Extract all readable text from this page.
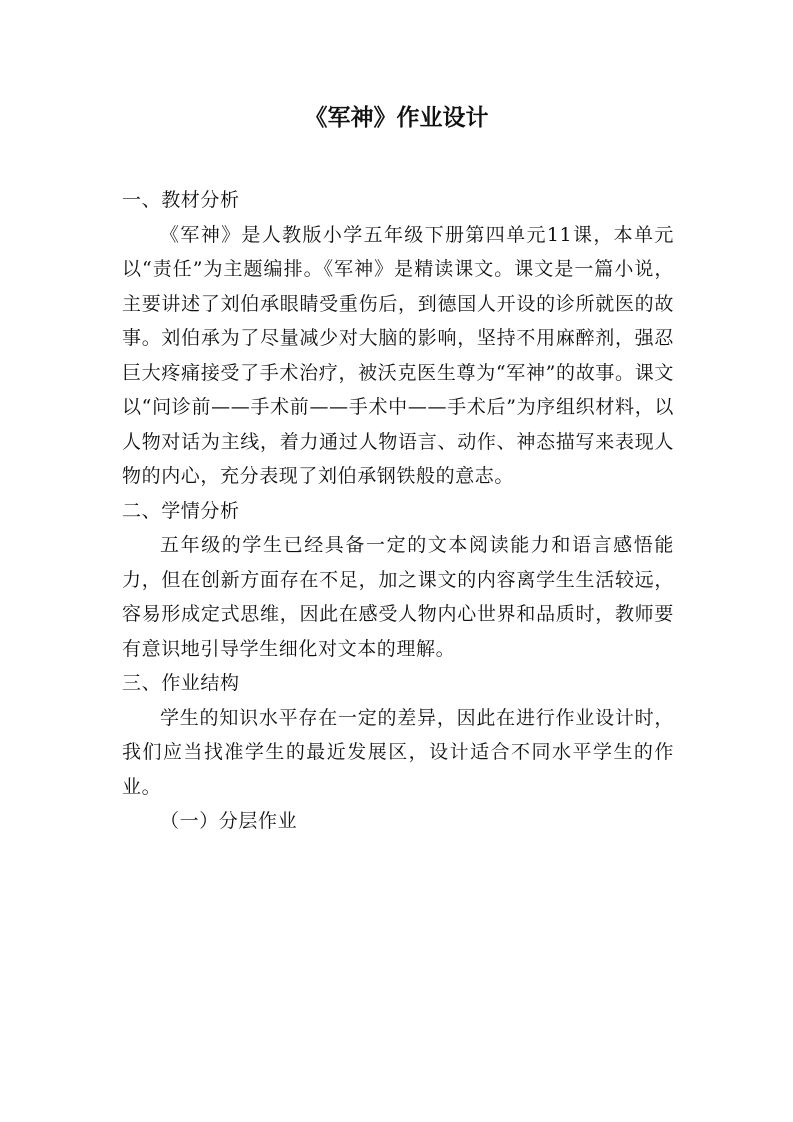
《军神》作业设计

一、教材分析

《军神》是人教版小学五年级下册第四单元11课，本单元以“责任”为主题编排。《军神》是精读课文。课文是一篇小说，主要讲述了刘伯承眼睛受重伤后，到德国人开设的诊所就医的故事。刘伯承为了尽量减少对大脑的影响，坚持不用麻醉剂，强忍巨大疼痛接受了手术治疗，被沃克医生尊为“军神”的故事。课文以“问诊前——手术前——手术中——手术后”为序组织材料，以人物对话为主线，着力通过人物语言、动作、神态描写来表现人物的内心，充分表现了刘伯承钢铁般的意志。

二、学情分析

五年级的学生已经具备一定的文本阅读能力和语言感悟能力，但在创新方面存在不足，加之课文的内容离学生生活较远，容易形成定式思维，因此在感受人物内心世界和品质时，教师要有意识地引导学生细化对文本的理解。

三、作业结构

学生的知识水平存在一定的差异，因此在进行作业设计时，我们应当找准学生的最近发展区，设计适合不同水平学生的作业。

（一）分层作业
